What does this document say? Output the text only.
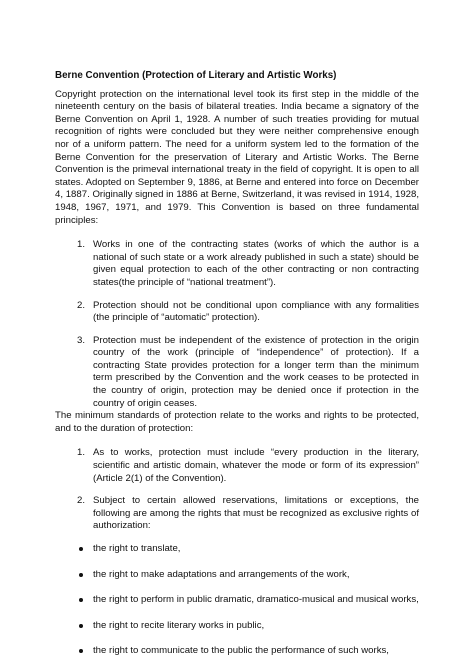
Berne Convention (Protection of Literary and Artistic Works)

Copyright protection on the international level took its first step in the middle of the nineteenth century on the basis of bilateral treaties. India became a signatory of the Berne Convention on April 1, 1928. A number of such treaties providing for mutual recognition of rights were concluded but they were neither comprehensive enough nor of a uniform pattern. The need for a uniform system led to the formation of the Berne Convention for the preservation of Literary and Artistic Works. The Berne Convention is the primeval international treaty in the field of copyright. It is open to all states. Adopted on September 9, 1886, at Berne and entered into force on December 4, 1887. Originally signed in 1886 at Berne, Switzerland, it was revised in 1914, 1928, 1948, 1967, 1971, and 1979. This Convention is based on three fundamental principles:

1. Works in one of the contracting states (works of which the author is a national of such state or a work already published in such a state) should be given equal protection to each of the other contracting or non contracting states(the principle of “national treatment”).
2. Protection should not be conditional upon compliance with any formalities (the principle of “automatic” protection).
3. Protection must be independent of the existence of protection in the origin country of the work (principle of “independence” of protection). If a contracting State provides protection for a longer term than the minimum term prescribed by the Convention and the work ceases to be protected in the country of origin, protection may be denied once if protection in the country of origin ceases.

The minimum standards of protection relate to the works and rights to be protected, and to the duration of protection:

1. As to works, protection must include “every production in the literary, scientific and artistic domain, whatever the mode or form of its expression” (Article 2(1) of the Convention).
2. Subject to certain allowed reservations, limitations or exceptions, the following are among the rights that must be recognized as exclusive rights of authorization:
the right to translate,
the right to make adaptations and arrangements of the work,
the right to perform in public dramatic, dramatico-musical and musical works,
the right to recite literary works in public,
the right to communicate to the public the performance of such works,
